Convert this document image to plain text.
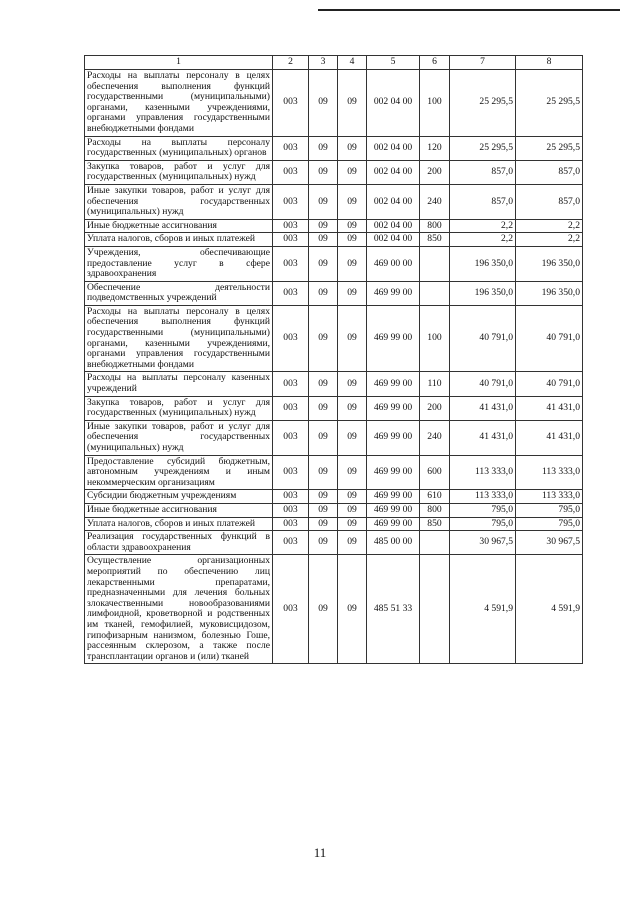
1	2	3	4	5	6	7	8
Расходы на выплаты персоналу в целях обеспечения выполнения функций государственными (муниципальными) органами, казенными учреждениями, органами управления государственными внебюджетными фондами	003	09	09	002 04 00	100	25 295,5	25 295,5
Расходы на выплаты персоналу государственных (муниципальных) органов	003	09	09	002 04 00	120	25 295,5	25 295,5
Закупка товаров, работ и услуг для государственных (муниципальных) нужд	003	09	09	002 04 00	200	857,0	857,0
Иные закупки товаров, работ и услуг для обеспечения государственных (муниципальных) нужд	003	09	09	002 04 00	240	857,0	857,0
Иные бюджетные ассигнования	003	09	09	002 04 00	800	2,2	2,2
Уплата налогов, сборов и иных платежей	003	09	09	002 04 00	850	2,2	2,2
Учреждения, обеспечивающие предоставление услуг в сфере здравоохранения	003	09	09	469 00 00		196 350,0	196 350,0
Обеспечение деятельности подведомственных учреждений	003	09	09	469 99 00		196 350,0	196 350,0
Расходы на выплаты персоналу в целях обеспечения выполнения функций государственными (муниципальными) органами, казенными учреждениями, органами управления государственными внебюджетными фондами	003	09	09	469 99 00	100	40 791,0	40 791,0
Расходы на выплаты персоналу казенных учреждений	003	09	09	469 99 00	110	40 791,0	40 791,0
Закупка товаров, работ и услуг для государственных (муниципальных) нужд	003	09	09	469 99 00	200	41 431,0	41 431,0
Иные закупки товаров, работ и услуг для обеспечения государственных (муниципальных) нужд	003	09	09	469 99 00	240	41 431,0	41 431,0
Предоставление субсидий бюджетным, автономным учреждениям и иным некоммерческим организациям	003	09	09	469 99 00	600	113 333,0	113 333,0
Субсидии бюджетным учреждениям	003	09	09	469 99 00	610	113 333,0	113 333,0
Иные бюджетные ассигнования	003	09	09	469 99 00	800	795,0	795,0
Уплата налогов, сборов и иных платежей	003	09	09	469 99 00	850	795,0	795,0
Реализация государственных функций в области здравоохранения	003	09	09	485 00 00		30 967,5	30 967,5
Осуществление организационных мероприятий по обеспечению лиц лекарственными препаратами, предназначенными для лечения больных злокачественными новообразованиями лимфоидной, кроветворной и родственных им тканей, гемофилией, муковисцидозом, гипофизарным нанизмом, болезнью Гоше, рассеянным склерозом, а также после трансплантации органов и (или) тканей	003	09	09	485 51 33		4 591,9	4 591,9
11
